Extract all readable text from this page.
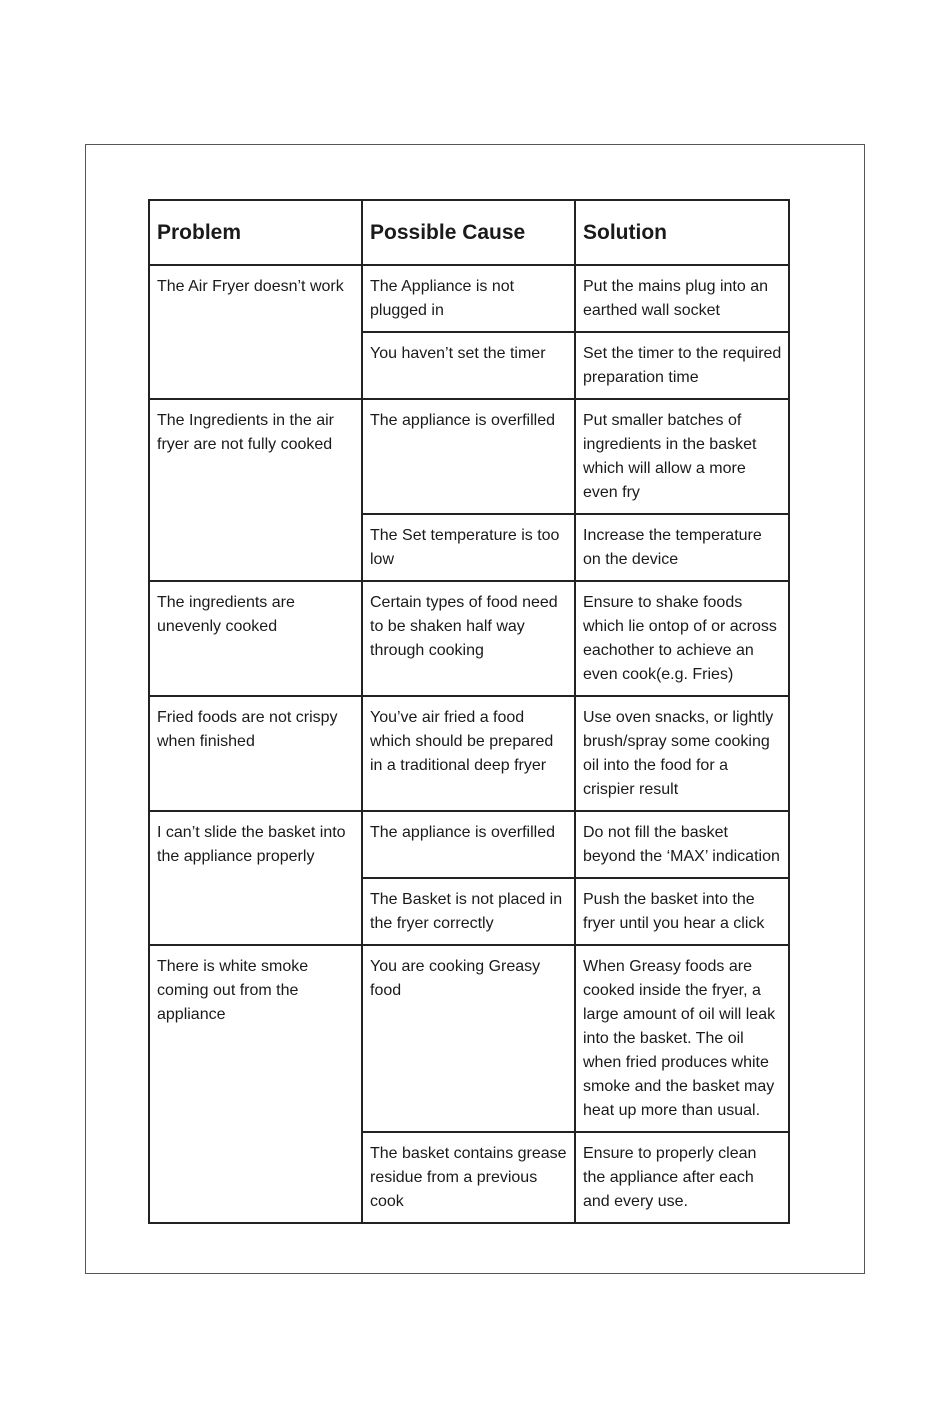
Problem	Possible Cause	Solution
The Air Fryer doesn’t work	The Appliance is not plugged in	Put the mains plug into an earthed wall socket
	You haven’t set the timer	Set the timer to the required preparation time
The Ingredients in the air fryer are not fully cooked	The appliance is overfilled	Put smaller batches of ingredients in the basket which will allow a more even fry
	The Set temperature is too low	Increase the temperature on the device
The ingredients are unevenly cooked	Certain types of food need to be shaken half way through cooking	Ensure to shake foods which lie ontop of or across eachother to achieve an even cook(e.g. Fries)
Fried foods are not crispy when finished	You’ve air fried a food which should be prepared in a traditional deep fryer	Use oven snacks, or lightly brush/spray some cooking oil into the food for a crispier result
I can’t slide the basket into the appliance properly	The appliance is overfilled	Do not fill the basket beyond the ‘MAX’ indication
	The Basket is not placed in the fryer correctly	Push the basket into the fryer until you hear a click
There is white smoke coming out from the appliance	You are cooking Greasy food	When Greasy foods are cooked inside the fryer, a large amount of oil will leak into the basket. The oil when fried produces white smoke and the basket may heat up more than usual.
	The basket contains grease residue from a previous cook	Ensure to properly clean the appliance after each and every use.
